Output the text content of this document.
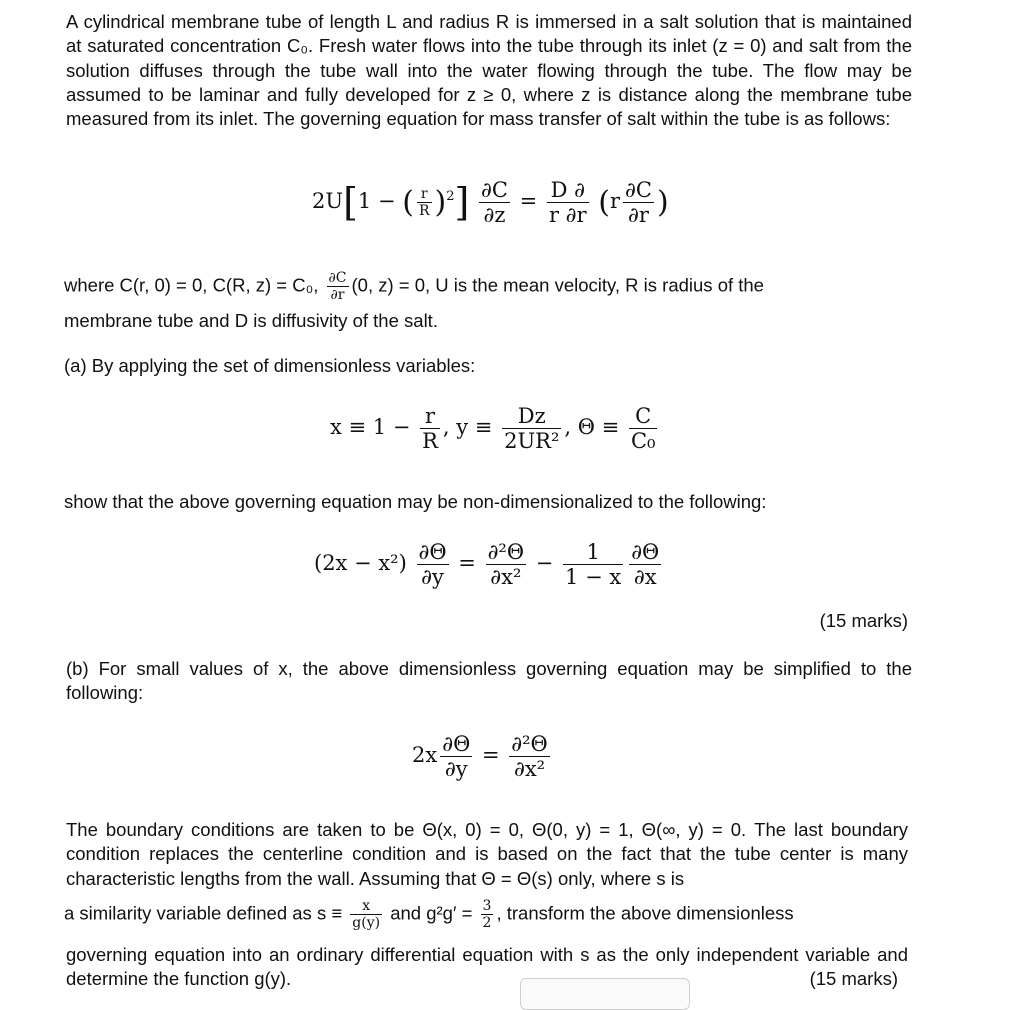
A cylindrical membrane tube of length L and radius R is immersed in a salt solution that is maintained at saturated concentration C₀. Fresh water flows into the tube through its inlet (z = 0) and salt from the solution diffuses through the tube wall into the water flowing through the tube. The flow may be assumed to be laminar and fully developed for z ≥ 0, where z is distance along the membrane tube measured from its inlet. The governing equation for mass transfer of salt within the tube is as follows:
2U[1 − ( $\frac{r}{R} )^2] \frac{\partial C}{\partial z} = \frac{D \partial}{r \partial r} (r \frac{\partial C}{\partial r}$ )
where C(r, 0) = 0, C(R, z) = C₀, $\frac{\partial C}{\partial r} (0$, z) = 0, U is the mean velocity, R is radius of the
membrane tube and D is diffusivity of the salt.
(a) By applying the set of dimensionless variables:
$x \equiv 1 - \frac{r}{R}$ , $y \equiv \frac{Dz}{\text{2UR²}}$ , $\Theta \equiv \frac{C}{\text{C₀}}$
show that the above governing equation may be non-dimensionalized to the following:
$(2x - x^2) \frac{\partial\Theta}{\partial y} = \frac{\text{∂²Θ}}{\text{∂x²}} - \frac{1}{1 - x} \frac{\partial\Theta}{\partial x}$
(15 marks)
(b) For small values of x, the above dimensionless governing equation may be simplified to the following:
$2x \frac{\partial\Theta}{\partial y} = \frac{\text{∂²Θ}}{\text{∂x²}}$
The boundary conditions are taken to be Θ(x, 0) = 0, Θ(0, y) = 1, Θ(∞, y) = 0. The last boundary condition replaces the centerline condition and is based on the fact that the tube center is many characteristic lengths from the wall. Assuming that Θ = Θ(s) only, where s is
a similarity variable defined as $s \equiv \frac{x}{g(y)}$ and $g^2g' = \frac{3}{2}$ , transform the above dimensionless
governing equation into an ordinary differential equation with s as the only independent variable and determine the function g(y).	(15 marks)
